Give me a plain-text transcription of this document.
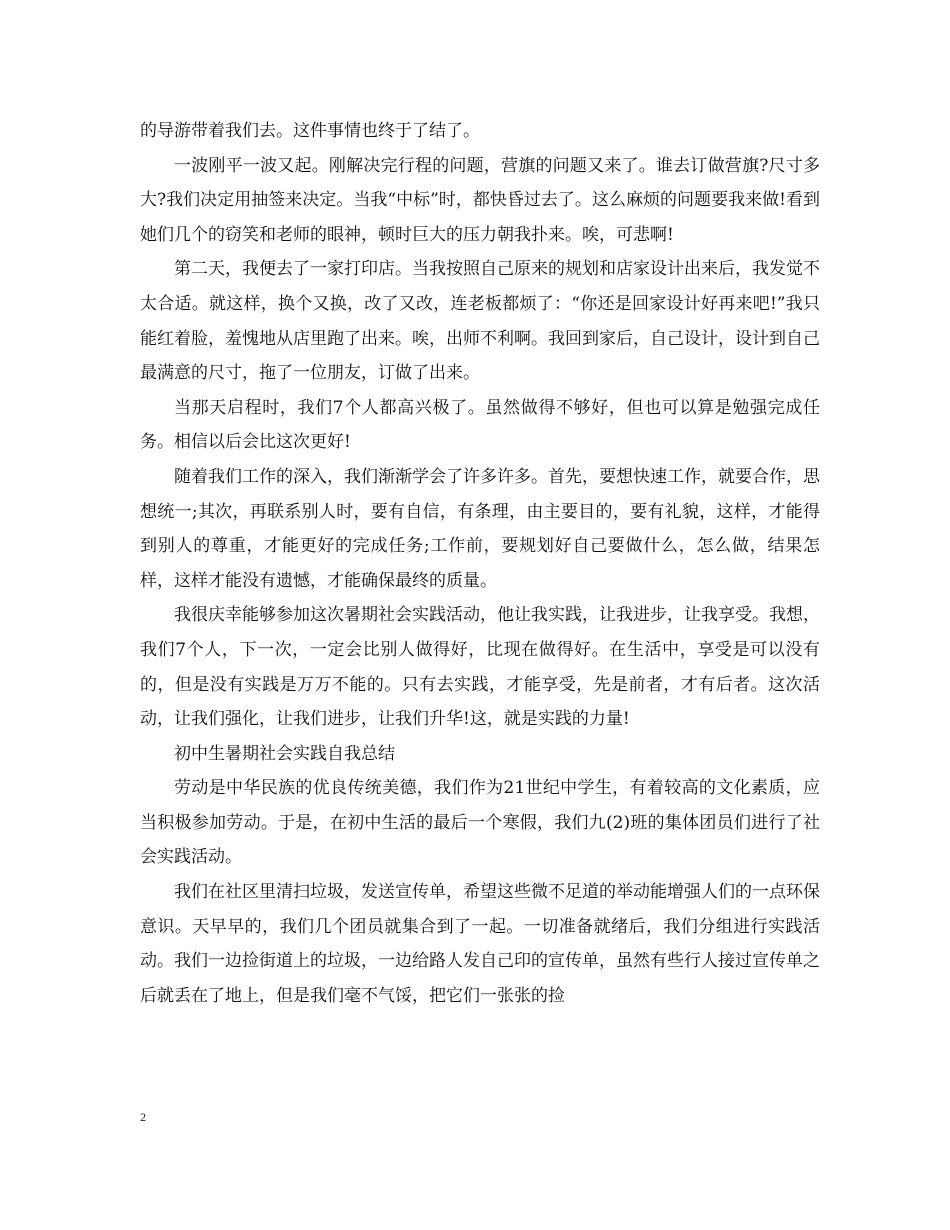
的导游带着我们去。这件事情也终于了结了。

一波刚平一波又起。刚解决完行程的问题，营旗的问题又来了。谁去订做营旗?尺寸多大?我们决定用抽签来决定。当我“中标”时，都快昏过去了。这么麻烦的问题要我来做!看到她们几个的窃笑和老师的眼神，顿时巨大的压力朝我扑来。唉，可悲啊!

第二天，我便去了一家打印店。当我按照自己原来的规划和店家设计出来后，我发觉不太合适。就这样，换个又换，改了又改，连老板都烦了：“你还是回家设计好再来吧!”我只能红着脸，羞愧地从店里跑了出来。唉，出师不利啊。我回到家后，自己设计，设计到自己最满意的尺寸，拖了一位朋友，订做了出来。

当那天启程时，我们7个人都高兴极了。虽然做得不够好，但也可以算是勉强完成任务。相信以后会比这次更好!

随着我们工作的深入，我们渐渐学会了许多许多。首先，要想快速工作，就要合作，思想统一;其次，再联系别人时，要有自信，有条理，由主要目的，要有礼貌，这样，才能得到别人的尊重，才能更好的完成任务;工作前，要规划好自己要做什么，怎么做，结果怎样，这样才能没有遗憾，才能确保最终的质量。

我很庆幸能够参加这次暑期社会实践活动，他让我实践，让我进步，让我享受。我想，我们7个人，下一次，一定会比别人做得好，比现在做得好。在生活中，享受是可以没有的，但是没有实践是万万不能的。只有去实践，才能享受，先是前者，才有后者。这次活动，让我们强化，让我们进步，让我们升华!这，就是实践的力量!

初中生暑期社会实践自我总结

劳动是中华民族的优良传统美德，我们作为21世纪中学生，有着较高的文化素质，应当积极参加劳动。于是，在初中生活的最后一个寒假，我们九(2)班的集体团员们进行了社会实践活动。

我们在社区里清扫垃圾，发送宣传单，希望这些微不足道的举动能增强人们的一点环保意识。天早早的，我们几个团员就集合到了一起。一切准备就绪后，我们分组进行实践活动。我们一边捡街道上的垃圾，一边给路人发自己印的宣传单，虽然有些行人接过宣传单之后就丢在了地上，但是我们毫不气馁，把它们一张张的捡

2
